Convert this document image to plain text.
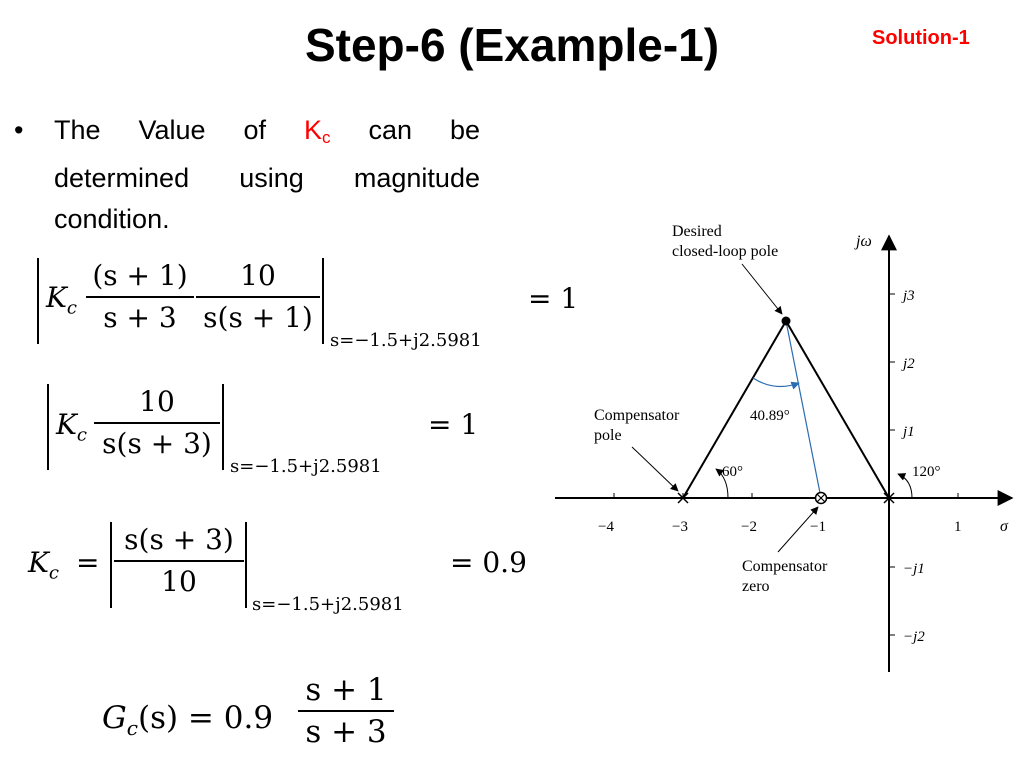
Step-6 (Example-1)	Solution-1
• The Value of $K_c$ can be
determined using magnitude
condition.
$K_c \frac{(s + 1)}{s + 3} \frac{10}{s(s + 1)}$
s=−1.5+j2.5981
= 1
$K_c \frac{10}{s(s + 3)}$
s=−1.5+j2.5981
= 1
$K_c = \frac{s(s + 3)}{10}$
s=−1.5+j2.5981
= 0.9
$G_c(s) = 0.9 \frac{s + 1}{s + 3}$
−4	−3	−2	−1	1 σ
j3
j2
j1
−j1
−j2
jω
40.89°
60°	120°
Desired
closed-loop pole
Compensator
pole
Compensator
zero
